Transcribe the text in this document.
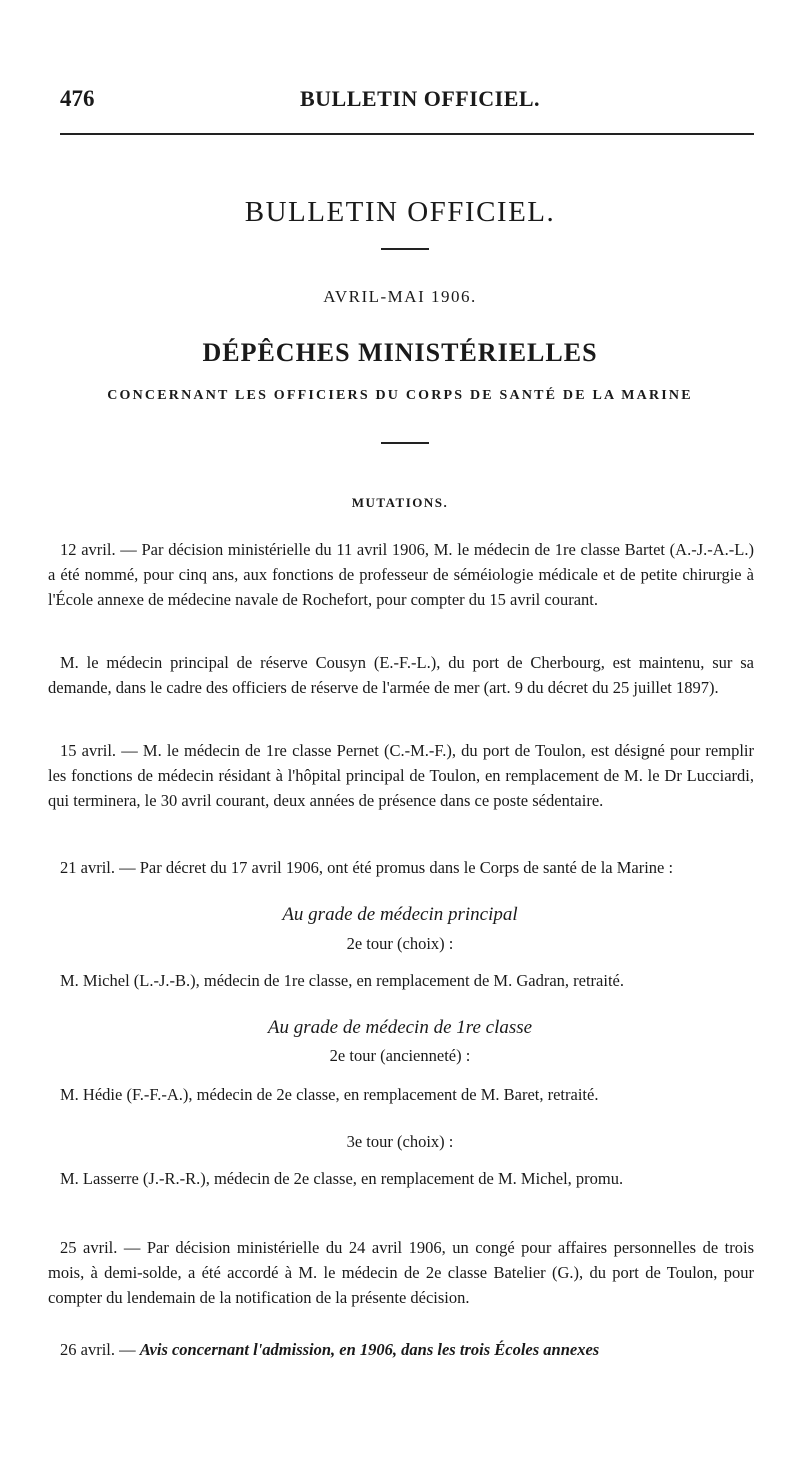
476	BULLETIN OFFICIEL.
BULLETIN OFFICIEL.
AVRIL-MAI 1906.
DÉPÊCHES MINISTÉRIELLES
CONCERNANT LES OFFICIERS DU CORPS DE SANTÉ DE LA MARINE
MUTATIONS.

12 avril. — Par décision ministérielle du 11 avril 1906, M. le médecin de 1re classe Bartet (A.-J.-A.-L.) a été nommé, pour cinq ans, aux fonctions de professeur de séméiologie médicale et de petite chirurgie à l'École annexe de médecine navale de Rochefort, pour compter du 15 avril courant.

M. le médecin principal de réserve Cousyn (E.-F.-L.), du port de Cherbourg, est maintenu, sur sa demande, dans le cadre des officiers de réserve de l'armée de mer (art. 9 du décret du 25 juillet 1897).

15 avril. — M. le médecin de 1re classe Pernet (C.-M.-F.), du port de Toulon, est désigné pour remplir les fonctions de médecin résidant à l'hôpital principal de Toulon, en remplacement de M. le Dr Lucciardi, qui terminera, le 30 avril courant, deux années de présence dans ce poste sédentaire.

21 avril. — Par décret du 17 avril 1906, ont été promus dans le Corps de santé de la Marine :

Au grade de médecin principal
2e tour (choix) :

M. Michel (L.-J.-B.), médecin de 1re classe, en remplacement de M. Gadran, retraité.

Au grade de médecin de 1re classe
2e tour (ancienneté) :

M. Hédie (F.-F.-A.), médecin de 2e classe, en remplacement de M. Baret, retraité.

3e tour (choix) :

M. Lasserre (J.-R.-R.), médecin de 2e classe, en remplacement de M. Michel, promu.

25 avril. — Par décision ministérielle du 24 avril 1906, un congé pour affaires personnelles de trois mois, à demi-solde, a été accordé à M. le médecin de 2e classe Batelier (G.), du port de Toulon, pour compter du lendemain de la notification de la présente décision.

26 avril. — Avis concernant l'admission, en 1906, dans les trois Écoles annexes
